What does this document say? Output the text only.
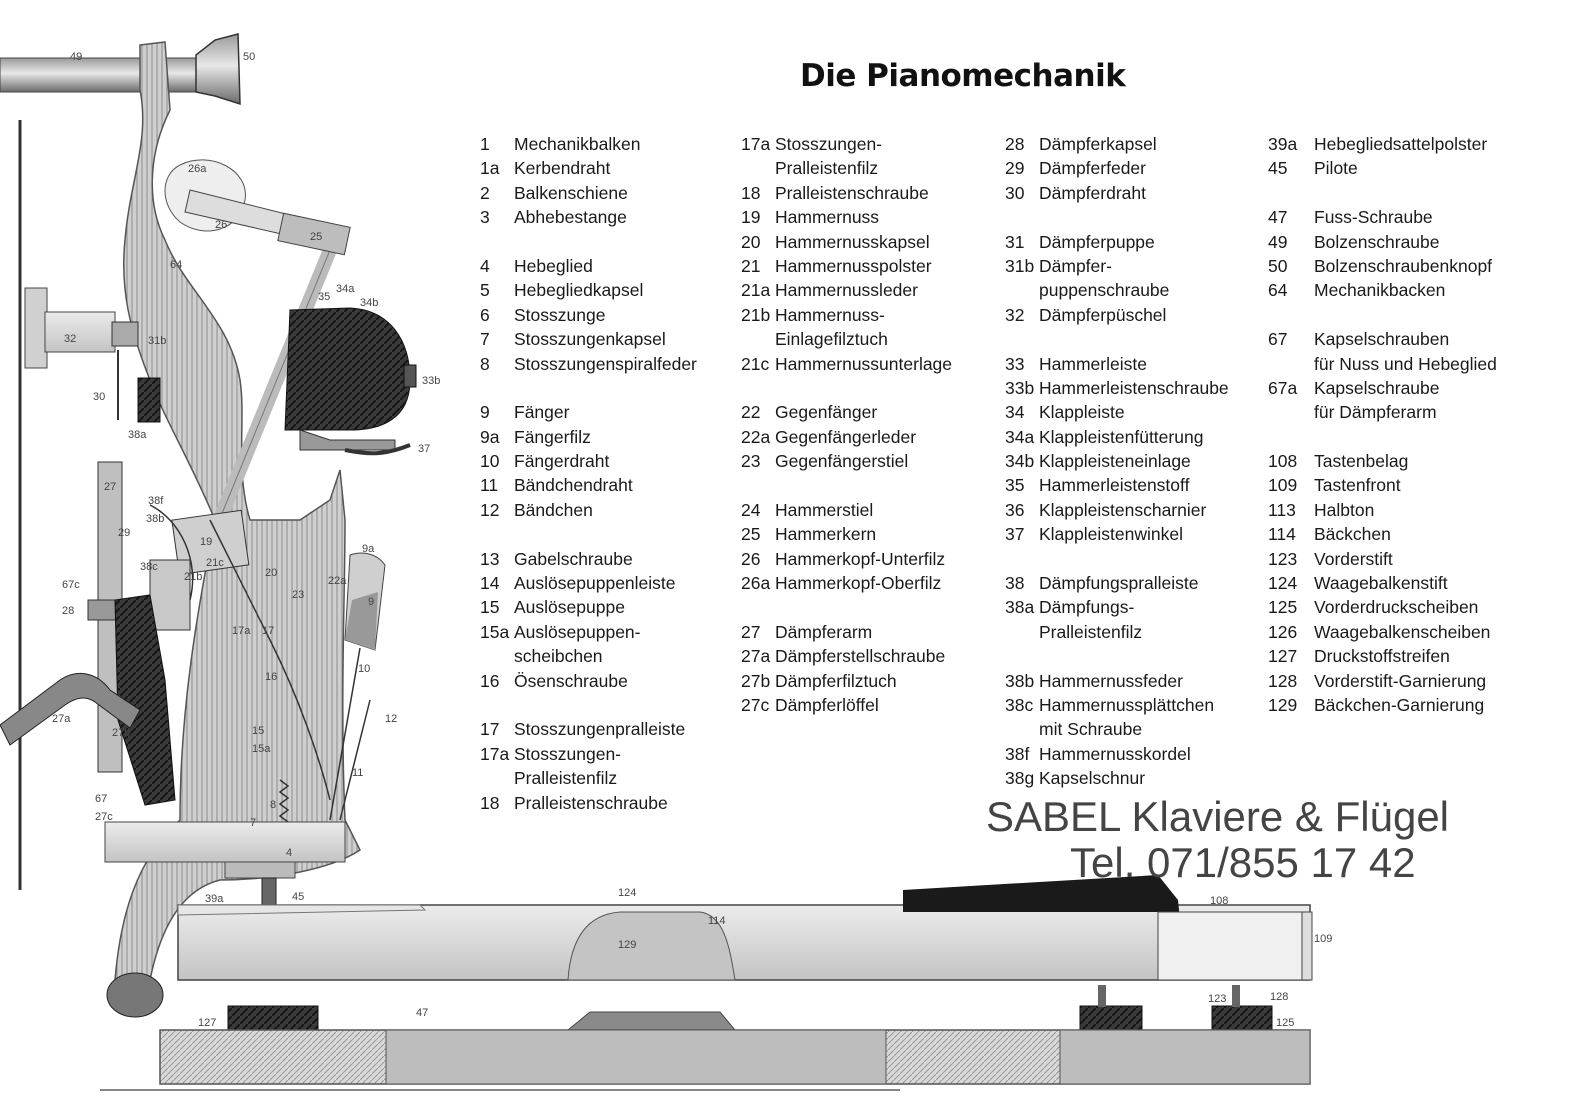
49	50
26a
26
25
64
34a
35	34b
33b
32	31b
30
38a
37
27
38f
38b
19
29
20
21c
21b
9a
38c
67c
28
22a
9
23
17a 17
16
10
12
27a
27b	15
15a
11
67
27c
8
7
4
39a	45	124
114
129
108
109
123	128
125
127
47
Die Pianomechanik
1 Mechanikbalken
1a Kerbendraht
2 Balkenschiene
3 Abhebestange
4 Hebeglied
5 Hebegliedkapsel
6 Stosszunge
7 Stosszungenkapsel
8 Stosszungenspiralfeder
9 Fänger
9a Fängerfilz
10 Fängerdraht
11 Bändchendraht
12 Bändchen
13 Gabelschraube
14 Auslösepuppenleiste
15 Auslösepuppe
15a Auslösepuppen-
scheibchen
16 Ösenschraube
17 Stosszungenpralleiste
17a Stosszungen-
Pralleistenfilz
18 Pralleistenschraube
17a Stosszungen-
Pralleistenfilz
18 Pralleistenschraube
19 Hammernuss
20 Hammernusskapsel
21 Hammernusspolster
21a Hammernussleder
21b Hammernuss-
Einlagefilztuch
21c Hammernussunterlage
22 Gegenfänger
22a Gegenfängerleder
23 Gegenfängerstiel
24 Hammerstiel
25 Hammerkern
26 Hammerkopf-Unterfilz
26a Hammerkopf-Oberfilz
27 Dämpferarm
27a Dämpferstellschraube
27b Dämpferfilztuch
27c Dämpferlöffel
28 Dämpferkapsel
29 Dämpferfeder
30 Dämpferdraht
31 Dämpferpuppe
31b Dämpfer-
puppenschraube
32 Dämpferpüschel
33 Hammerleiste
33b Hammerleistenschraube
34 Klappleiste
34a Klappleistenfütterung
34b Klappleisteneinlage
35 Hammerleistenstoff
36 Klappleistenscharnier
37 Klappleistenwinkel
38 Dämpfungspralleiste
38a Dämpfungs-
Pralleistenfilz
38b Hammernussfeder
38c Hammernussplättchen
mit Schraube
38f Hammernusskordel
38g Kapselschnur
39a Hebegliedsattelpolster
45 Pilote
47 Fuss-Schraube
49 Bolzenschraube
50 Bolzenschraubenknopf
64 Mechanikbacken
67 Kapselschrauben
für Nuss und Hebeglied
67a Kapselschraube
für Dämpferarm
108 Tastenbelag
109 Tastenfront
113 Halbton
114 Bäckchen
123 Vorderstift
124 Waagebalkenstift
125 Vorderdruckscheiben
126 Waagebalkenscheiben
127 Druckstoffstreifen
128 Vorderstift-Garnierung
129 Bäckchen-Garnierung
SABEL Klaviere & Flügel
Tel. 071/855 17 42
